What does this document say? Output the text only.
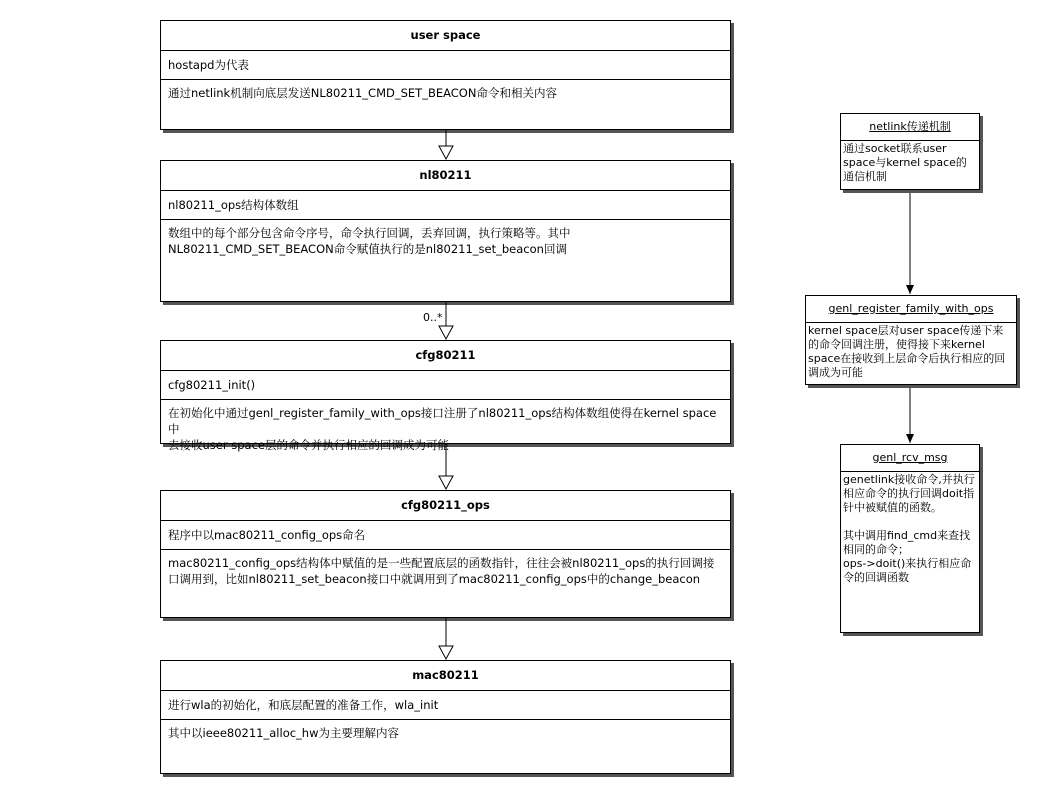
user space
hostapd为代表
通过netlink机制向底层发送NL80211_CMD_SET_BEACON命令和相关内容
nl80211
nl80211_ops结构体数组
数组中的每个部分包含命令序号，命令执行回调，丢弃回调，执行策略等。其中
NL80211_CMD_SET_BEACON命令赋值执行的是nl80211_set_beacon回调
cfg80211
cfg80211_init()
在初始化中通过genl_register_family_with_ops接口注册了nl80211_ops结构体数组使得在kernel space中
去接收user space层的命令并执行相应的回调成为可能
cfg80211_ops
程序中以mac80211_config_ops命名
mac80211_config_ops结构体中赋值的是一些配置底层的函数指针，往往会被nl80211_ops的执行回调接
口调用到，比如nl80211_set_beacon接口中就调用到了mac80211_config_ops中的change_beacon
mac80211
进行wla的初始化，和底层配置的准备工作，wla_init
其中以ieee80211_alloc_hw为主要理解内容
0..*
netlink传递机制
通过socket联系user space与kernel space的通信机制
genl_register_family_with_ops
kernel space层对user space传递下来的命令回调注册，使得接下来kernel space在接收到上层命令后执行相应的回调成为可能
genl_rcv_msg
genetlink接收命令,并执行相应命令的执行回调doit指针中被赋值的函数。

其中调用find_cmd来查找相同的命令；
ops->doit()来执行相应命令的回调函数
